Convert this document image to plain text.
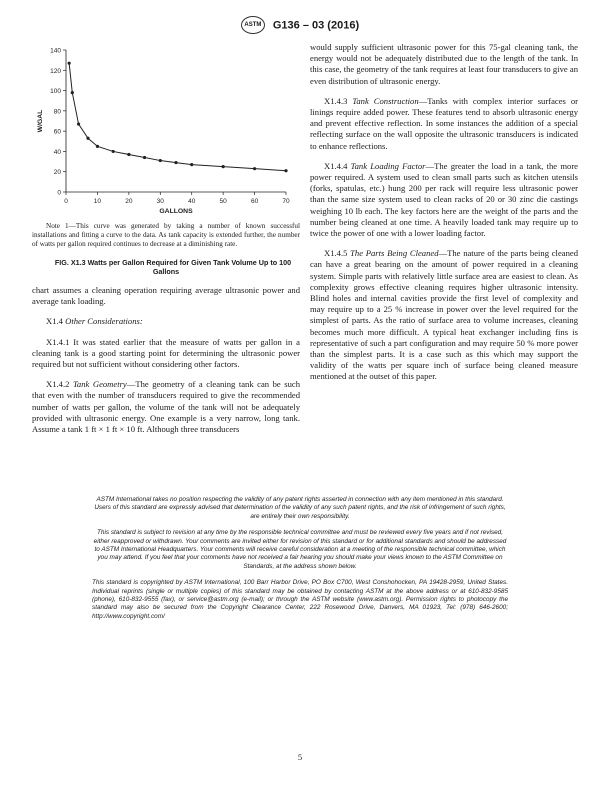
ASTM G136 – 03 (2016)
0
20
40
60
80
100
120
140
0	10	20	30	40	50	60	70
GALLONS
W/GAL

Note 1—This curve was generated by taking a number of known successful installations and fitting a curve to the data. As tank capacity is extended further, the number of watts per gallon required continues to decrease at a diminishing rate.

FIG. X1.3 Watts per Gallon Required for Given Tank Volume Up to 100 Gallons

chart assumes a cleaning operation requiring average ultrasonic power and average tank loading.

X1.4 Other Considerations:

X1.4.1 It was stated earlier that the measure of watts per gallon in a cleaning tank is a good starting point for determining the ultrasonic power required but not sufficient without considering other factors.

X1.4.2 Tank Geometry—The geometry of a cleaning tank can be such that even with the number of transducers required to give the recommended number of watts per gallon, the volume of the tank will not be adequately provided with ultrasonic energy. One example is a very narrow, long tank. Assume a tank 1 ft × 1 ft × 10 ft. Although three transducers

would supply sufficient ultrasonic power for this 75-gal cleaning tank, the energy would not be adequately distributed due to the length of the tank. In this case, the geometry of the tank requires at least four transducers to give an even distribution of ultrasonic energy.

X1.4.3 Tank Construction—Tanks with complex interior surfaces or linings require added power. These features tend to absorb ultrasonic energy and prevent effective reflection. In some instances the addition of a special reflecting surface on the wall opposite the ultrasonic transducers is indicated to enhance reflections.

X1.4.4 Tank Loading Factor—The greater the load in a tank, the more power required. A system used to clean small parts such as kitchen utensils (forks, spatulas, etc.) hung 200 per rack will require less ultrasonic power than the same size system used to clean racks of 20 or 30 zinc die castings weighing 10 lb each. The key factors here are the weight of the parts and the number being cleaned at one time. A heavily loaded tank may require up to twice the power of one with a lower loading factor.

X1.4.5 The Parts Being Cleaned—The nature of the parts being cleaned can have a great bearing on the amount of power required in a cleaning system. Simple parts with relatively little surface area are easiest to clean. As complexity grows effective cleaning requires higher ultrasonic intensity. Blind holes and internal cavities provide the first level of complexity and may require up to a 25 % increase in power over the level required for the simplest of parts. As the ratio of surface area to volume increases, cleaning becomes much more difficult. A typical heat exchanger including fins is representative of such a part configuration and may require 50 % more power than the simplest parts. It is a case such as this which may support the validity of the watts per square inch of surface being cleaned measure mentioned at the outset of this paper.

ASTM International takes no position respecting the validity of any patent rights asserted in connection with any item mentioned in this standard. Users of this standard are expressly advised that determination of the validity of any such patent rights, and the risk of infringement of such rights, are entirely their own responsibility.

This standard is subject to revision at any time by the responsible technical committee and must be reviewed every five years and if not revised, either reapproved or withdrawn. Your comments are invited either for revision of this standard or for additional standards and should be addressed to ASTM International Headquarters. Your comments will receive careful consideration at a meeting of the responsible technical committee, which you may attend. If you feel that your comments have not received a fair hearing you should make your views known to the ASTM Committee on Standards, at the address shown below.

This standard is copyrighted by ASTM International, 100 Barr Harbor Drive, PO Box C700, West Conshohocken, PA 19428-2959, United States. Individual reprints (single or multiple copies) of this standard may be obtained by contacting ASTM at the above address or at 610-832-9585 (phone), 610-832-9555 (fax), or service@astm.org (e-mail); or through the ASTM website (www.astm.org). Permission rights to photocopy the standard may also be secured from the Copyright Clearance Center, 222 Rosewood Drive, Danvers, MA 01923, Tel: (978) 646-2600; http://www.copyright.com/

5
